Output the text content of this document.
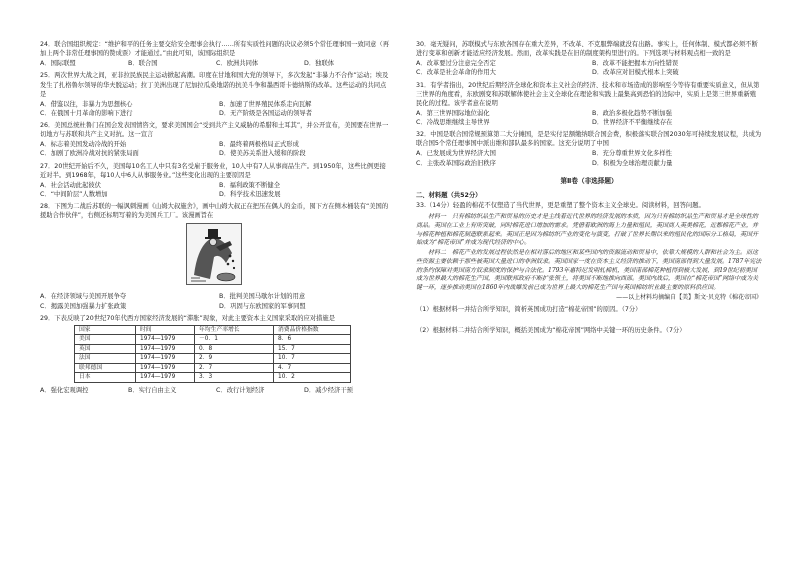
24．联合国组织规定：“维护和平的任务主要交给安全理事会执行……所有实质性问题的决议必须5个常任理事国一致同意（再加上两个非常任理事国的赞成票）才能通过。”由此可知，该国际组织是

A．国际联盟	B．联合国	C．欧洲共同体	D．独联体

25．两次世界大战之间，亚非拉民族民主运动掀起高潮。印度在甘地和国大党的领导下，多次发起“非暴力不合作”运动；埃及发生了扎格鲁尔领导的华夫脱运动；拉丁美洲出现了尼加拉瓜桑地诺的抗美斗争和墨西哥卡德纳斯的改革。这些运动的共同点是

A．借鉴以往，非暴力为思想核心	B．加速了世界殖民体系走向瓦解
C．在俄国十月革命的影响下进行	D．无产阶级是各国运动的领导者

26．美国总统杜鲁门在国会发表国情咨文，要求美国国会“受到共产主义威胁的希腊和土耳其”，并公开宣布，美国要在世界一切地方与苏联和共产主义对抗。这一宣言

A．标志着美国发动冷战的开始	B．最终着两极格局正式形成
C．加剧了欧洲冷战对抗的紧张局面	D．使美苏关系进入缓和的阶段

27．20世纪开始后不久，美国每10名工人中只有3名受雇于服务业，10人中有7人从事商品生产。到1950年，这些比例更接近对半。到1968年，每10人中6人从事服务业。”这些变化出现的主要原因是

A．社会活动此起彼伏	B．福利政策不断健全
C．“中间阶层”人数增加	D．科学技术迅速发展

28．下图为二战后苏联的一幅讽刺漫画《山姆大叔施舍》，画中山姆大叔正在把压在偶人的金币，囤下方在侧木桶装有“美国的援助合作伙伴”，右侧还标明写着的为美国兵工厂。该漫画旨在

A．在经济领域与美国开展争夺	B．批判美国马歇尔计划的用意
C．揭露美国加强暴力扩张政策	D．巩固与东欧国家的军事同盟

29．下表反映了20世纪70年代西方国家经济发展的“滞胀”现象，对此主要资本主义国家采取的应对措施是

国家	时间	年均生产率增长	消费品价格指数
美国	1974—1979	－0．1	8．6
英国	1974—1979	0．8	15．7
法国	1974—1979	2．9	10．7
联邦德国	1974—1979	2．7	4．7
日本	1974—1979	3．3	10．2
A．强化宏观调控	B．实行自由主义	C．改行计划经济	D．减少经济干预

30．毫无疑问，苏联模式与东欧各国存在重大差异，不改革、不克服弊端就没有出路。事实上，任何体制、模式都必须不断进行变革和创新才能适应经济发展。然而，改革实践是在旧的制度架构里进行的。下列选项与材料观点相一致的是

A．改革要过分注意完全否定	B．改革不能把握本方向性错误
C．改革是社会革命的作用大	D．改革应对旧模式根本上突破

31．有学者指出，20世纪后期经济全球化和资本主义社会的经济、技术和市场造成的影响至今等待有重要实质意义，但从第三世界的角度看，东欧剧变和苏联解体使社会主义全球化在理论和实践上最集高到恐怕的边际中，实质上是第三世界重新殖民化的过程。该学者意在说明

A．第三世界国际地位弱化	B．政治多极化趋势不断加强
C．冷战思维继续主导世界	D．世界经济不平衡继续存在

32．中国是联合国常规预算第二大分摊国，是是实付足额缴纳联合国会费，积极落实联合国2030年可持续发展议程，共成为联合国5个常任理事国中派出维和部队最多的国家。这充分说明了中国

A．已发展成为世界经济大国	B．充分尊重世界文化多样性
C．主张改革国际政治旧秩序	D．积极为全球治理贡献力量
第Ⅱ卷（非选择题）

二、材料题（共52分）

33.（14分）轻盈的棉花不仅塑造了当代世界，更是重塑了整个资本主义全球史。阅读材料，回答问题。

材料一　只有棉纺织品生产和贸易的历史才是主线着近代世界的经济发展的本质，因为只有棉纺织品生产和贸易才是全球性的商品。英国在工业上有所突破，同时棉花进口增加的需求。凭借着欧洲的海上力量和殖民，英国商人英美棉花，近都棉花产业，并与棉花种植和棉花制造联系起来。英国正是因为棉纺织产业的变化与演变，打破了世界长期以来的殖民化的国际分工格局，英国开始成为“棉花帝国”并成为现代经济的中心。

材料二　棉花产业的发展过程依然是在相对落后的地区和某些国内的资源流动和贸易中，依靠大规模的人群和社会为主。而这些资源主要依赖于那些被英国大量进口的非洲奴隶。英国国家一度在资本主义经济的推动下，美国南部得到大量发展。1787年宪法的条约保障对美国南方奴隶制度的保护与合法化。1793年惠特尼发明轧棉机，美国南部棉花种植得到极大发展，到19世纪初美国成为世界最大的棉花生产国，美国联邦政府不断扩张领土，将美国不断地推向西部。美国内战后，美国在“棉花帝国”网络中成为关键一环，逐步推动美国在1860年内战爆发前已成为世界上最大的棉花生产国与英国棉纺织业最主要的原料供应国。

——以上材料均摘编自【美】斯文·贝克特《棉花帝国》

（1）根据材料一并结合所学知识，简析英国成功打造“棉花帝国”的原因。（7分）

（2）根据材料二并结合所学知识，概括美国成为“棉花帝国”网络中关键一环的历史条件。（7分）
